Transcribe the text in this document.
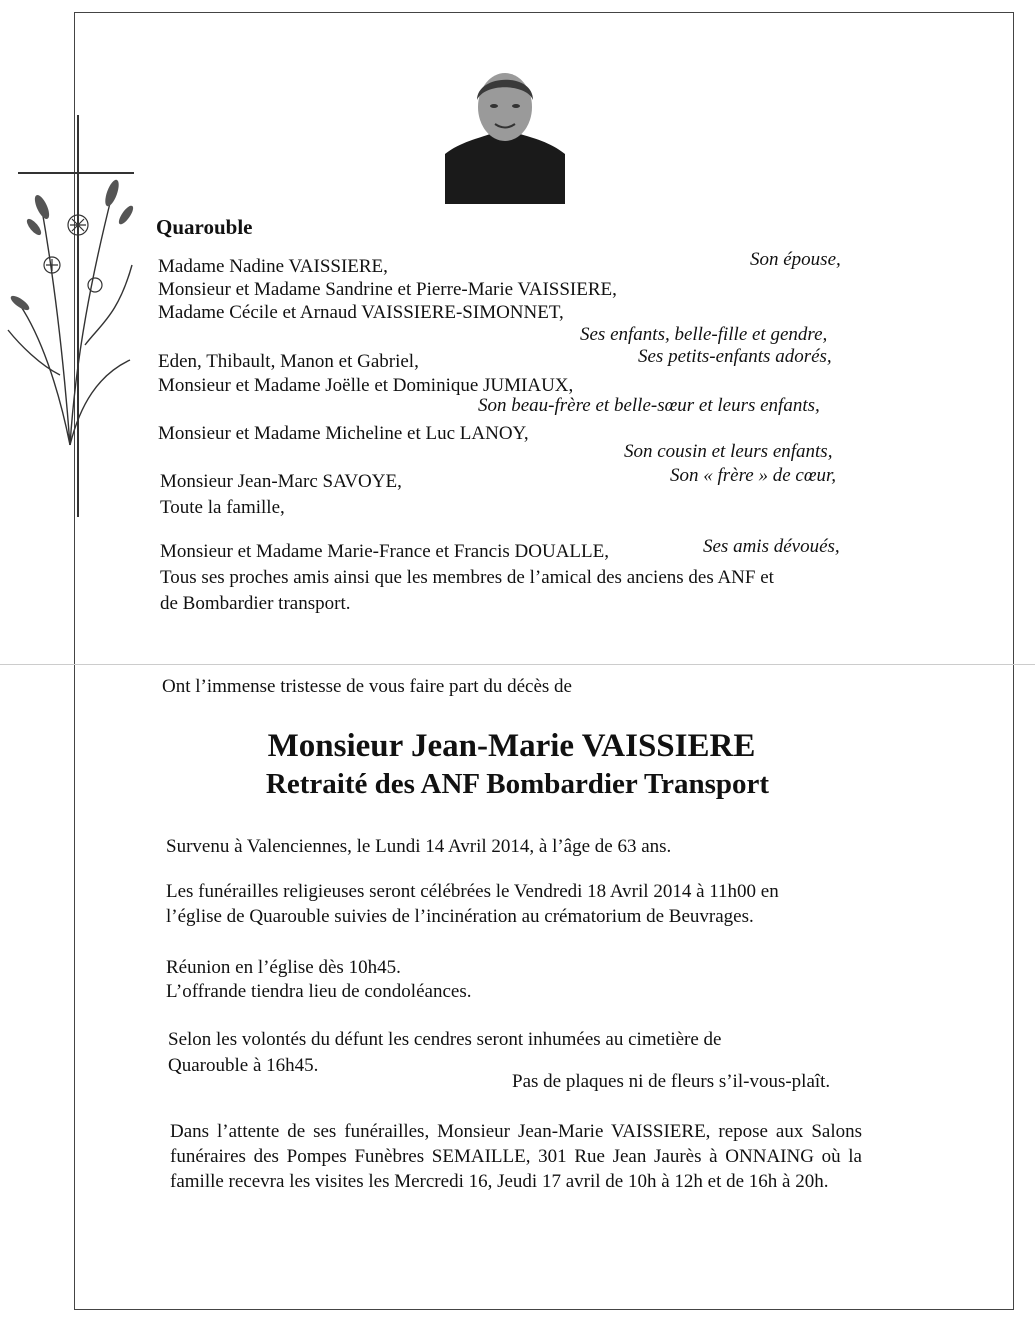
Quarouble
Madame Nadine VAISSIERE,	Son épouse,
Monsieur et Madame Sandrine et Pierre-Marie VAISSIERE,
Madame Cécile et Arnaud VAISSIERE-SIMONNET,
Ses enfants, belle-fille et gendre,
Eden, Thibault, Manon et Gabriel,	Ses petits-enfants adorés,
Monsieur et Madame Joëlle et Dominique JUMIAUX,
Son beau-frère et belle-sœur et leurs enfants,
Monsieur et Madame Micheline et Luc LANOY,
Son cousin et leurs enfants,
Son « frère » de cœur,
Monsieur Jean-Marc SAVOYE,
Toute la famille,
Monsieur et Madame Marie-France et Francis DOUALLE,	Ses amis dévoués,
Tous ses proches amis ainsi que les membres de l’amical des anciens des ANF et
de Bombardier transport.
Ont l’immense tristesse de vous faire part du décès de
Monsieur Jean-Marie VAISSIERE
Retraité des ANF Bombardier Transport
Survenu à Valenciennes, le Lundi 14 Avril 2014, à l’âge de 63 ans.
Les funérailles religieuses seront célébrées le Vendredi 18 Avril 2014 à 11h00 en
l’église de Quarouble suivies de l’incinération au crématorium de Beuvrages.
Réunion en l’église dès 10h45.
L’offrande tiendra lieu de condoléances.
Selon les volontés du défunt les cendres seront inhumées au cimetière de
Quarouble à 16h45.
Pas de plaques ni de fleurs s’il-vous-plaît.
Dans l’attente de ses funérailles, Monsieur Jean-Marie VAISSIERE, repose aux Salons funéraires des Pompes Funèbres SEMAILLE, 301 Rue Jean Jaurès à ONNAING où la famille recevra les visites les Mercredi 16, Jeudi 17 avril de 10h à 12h et de 16h à 20h.
